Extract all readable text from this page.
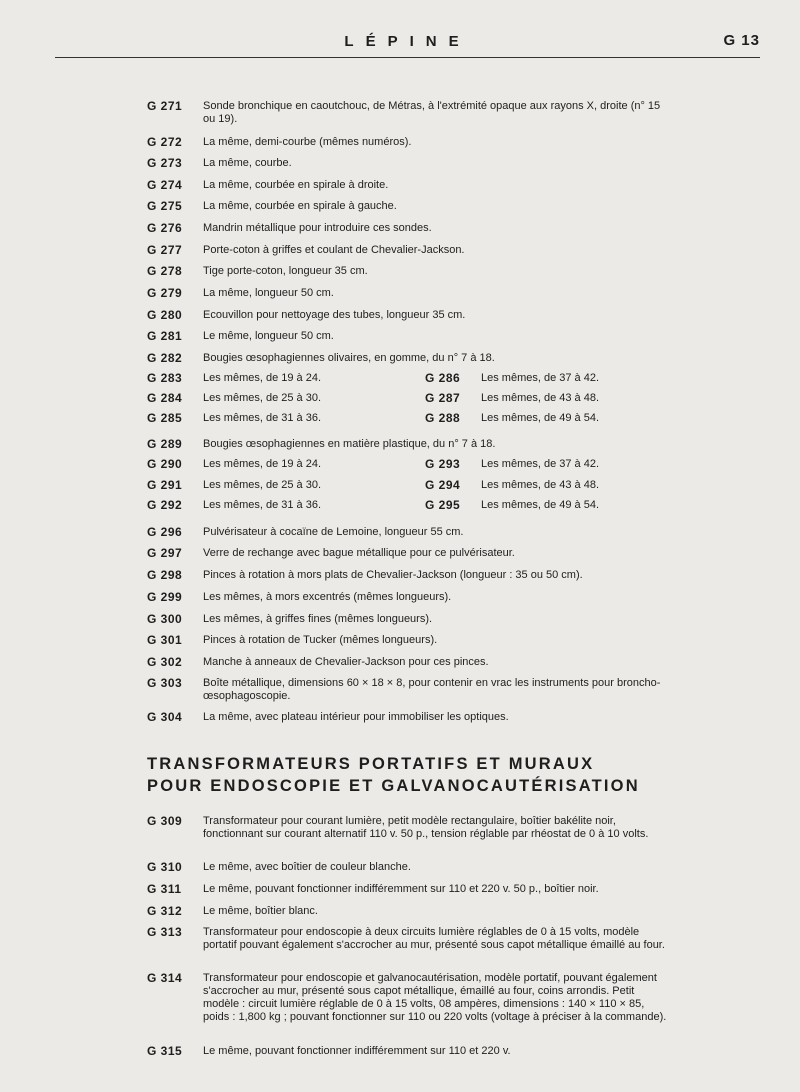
LÉPINE	G 13
G 271	Sonde bronchique en caoutchouc, de Métras, à l'extrémité opaque aux rayons X, droite (n° 15 ou 19).
G 272	La même, demi-courbe (mêmes numéros).
G 273	La même, courbe.
G 274	La même, courbée en spirale à droite.
G 275	La même, courbée en spirale à gauche.
G 276	Mandrin métallique pour introduire ces sondes.
G 277	Porte-coton à griffes et coulant de Chevalier-Jackson.
G 278	Tige porte-coton, longueur 35 cm.
G 279	La même, longueur 50 cm.
G 280	Ecouvillon pour nettoyage des tubes, longueur 35 cm.
G 281	Le même, longueur 50 cm.
G 282	Bougies œsophagiennes olivaires, en gomme, du n° 7 à 18.
G 283 Les mêmes, de 19 à 24.	G 286 Les mêmes, de 37 à 42.
G 284 Les mêmes, de 25 à 30.	G 287 Les mêmes, de 43 à 48.
G 285 Les mêmes, de 31 à 36.	G 288 Les mêmes, de 49 à 54.
G 289	Bougies œsophagiennes en matière plastique, du n° 7 à 18.
G 290 Les mêmes, de 19 à 24.	G 293 Les mêmes, de 37 à 42.
G 291 Les mêmes, de 25 à 30.	G 294 Les mêmes, de 43 à 48.
G 292 Les mêmes, de 31 à 36.	G 295 Les mêmes, de 49 à 54.
G 296	Pulvérisateur à cocaïne de Lemoine, longueur 55 cm.
G 297	Verre de rechange avec bague métallique pour ce pulvérisateur.
G 298	Pinces à rotation à mors plats de Chevalier-Jackson (longueur : 35 ou 50 cm).
G 299	Les mêmes, à mors excentrés (mêmes longueurs).
G 300	Les mêmes, à griffes fines (mêmes longueurs).
G 301	Pinces à rotation de Tucker (mêmes longueurs).
G 302	Manche à anneaux de Chevalier-Jackson pour ces pinces.
G 303	Boîte métallique, dimensions 60 × 18 × 8, pour contenir en vrac les instruments pour broncho-œsophagoscopie.
G 304	La même, avec plateau intérieur pour immobiliser les optiques.
TRANSFORMATEURS PORTATIFS ET MURAUX
POUR ENDOSCOPIE ET GALVANOCAUTÉRISATION
G 309	Transformateur pour courant lumière, petit modèle rectangulaire, boîtier bakélite noir, fonctionnant sur courant alternatif 110 v. 50 p., tension réglable par rhéostat de 0 à 10 volts.
G 310	Le même, avec boîtier de couleur blanche.
G 311	Le même, pouvant fonctionner indifféremment sur 110 et 220 v. 50 p., boîtier noir.
G 312	Le même, boîtier blanc.
G 313	Transformateur pour endoscopie à deux circuits lumière réglables de 0 à 15 volts, modèle portatif pouvant également s'accrocher au mur, présenté sous capot métallique émaillé au four.
G 314	Transformateur pour endoscopie et galvanocautérisation, modèle portatif, pouvant également s'accrocher au mur, présenté sous capot métallique, émaillé au four, coins arrondis. Petit modèle : circuit lumière réglable de 0 à 15 volts, 08 ampères, dimensions : 140 × 110 × 85, poids : 1,800 kg ; pouvant fonctionner sur 110 ou 220 volts (voltage à préciser à la commande).
G 315	Le même, pouvant fonctionner indifféremment sur 110 et 220 v.
